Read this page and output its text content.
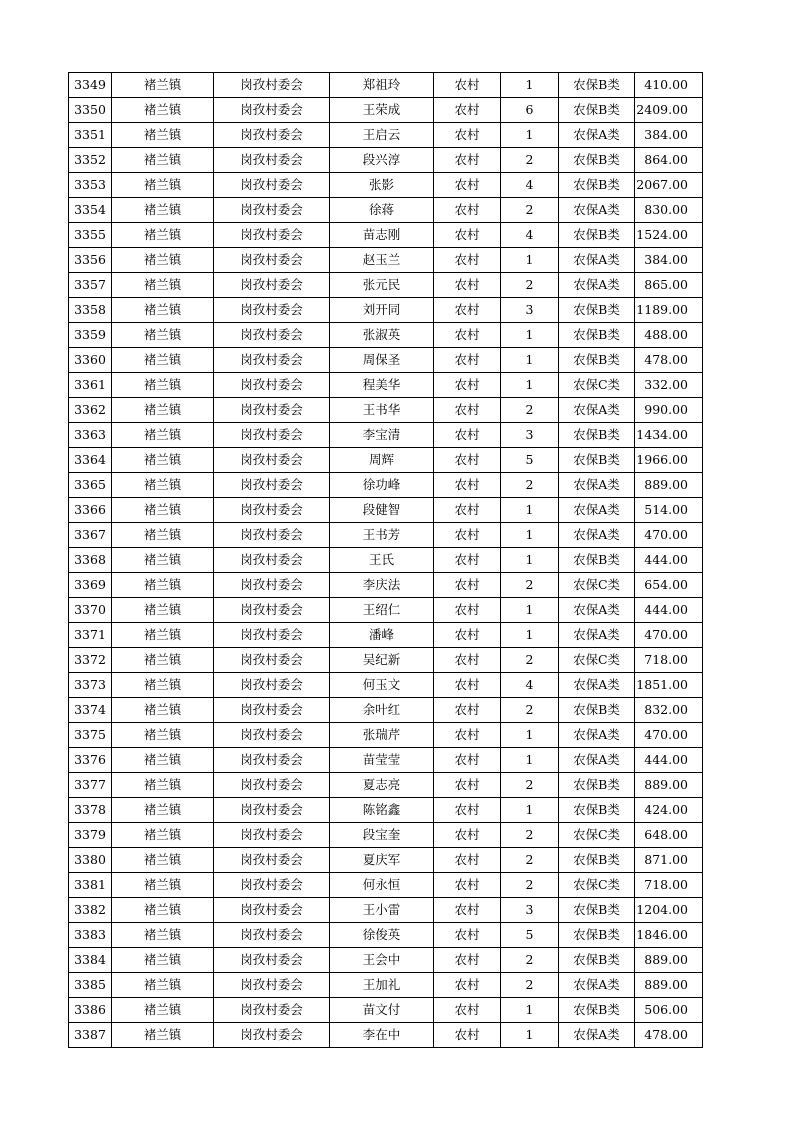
3349	褚兰镇	岗孜村委会	郑祖玲	农村	1	农保B类	410.00
3350	褚兰镇	岗孜村委会	王荣成	农村	6	农保B类	2409.00
3351	褚兰镇	岗孜村委会	王启云	农村	1	农保A类	384.00
3352	褚兰镇	岗孜村委会	段兴淳	农村	2	农保B类	864.00
3353	褚兰镇	岗孜村委会	张影	农村	4	农保B类	2067.00
3354	褚兰镇	岗孜村委会	徐蒋	农村	2	农保A类	830.00
3355	褚兰镇	岗孜村委会	苗志刚	农村	4	农保B类	1524.00
3356	褚兰镇	岗孜村委会	赵玉兰	农村	1	农保A类	384.00
3357	褚兰镇	岗孜村委会	张元民	农村	2	农保A类	865.00
3358	褚兰镇	岗孜村委会	刘开同	农村	3	农保B类	1189.00
3359	褚兰镇	岗孜村委会	张淑英	农村	1	农保B类	488.00
3360	褚兰镇	岗孜村委会	周保圣	农村	1	农保B类	478.00
3361	褚兰镇	岗孜村委会	程美华	农村	1	农保C类	332.00
3362	褚兰镇	岗孜村委会	王书华	农村	2	农保A类	990.00
3363	褚兰镇	岗孜村委会	李宝清	农村	3	农保B类	1434.00
3364	褚兰镇	岗孜村委会	周辉	农村	5	农保B类	1966.00
3365	褚兰镇	岗孜村委会	徐功峰	农村	2	农保A类	889.00
3366	褚兰镇	岗孜村委会	段健智	农村	1	农保A类	514.00
3367	褚兰镇	岗孜村委会	王书芳	农村	1	农保A类	470.00
3368	褚兰镇	岗孜村委会	王氏	农村	1	农保B类	444.00
3369	褚兰镇	岗孜村委会	李庆法	农村	2	农保C类	654.00
3370	褚兰镇	岗孜村委会	王绍仁	农村	1	农保A类	444.00
3371	褚兰镇	岗孜村委会	潘峰	农村	1	农保A类	470.00
3372	褚兰镇	岗孜村委会	吴纪新	农村	2	农保C类	718.00
3373	褚兰镇	岗孜村委会	何玉文	农村	4	农保A类	1851.00
3374	褚兰镇	岗孜村委会	余叶红	农村	2	农保B类	832.00
3375	褚兰镇	岗孜村委会	张瑞芹	农村	1	农保A类	470.00
3376	褚兰镇	岗孜村委会	苗莹莹	农村	1	农保A类	444.00
3377	褚兰镇	岗孜村委会	夏志亮	农村	2	农保B类	889.00
3378	褚兰镇	岗孜村委会	陈铭鑫	农村	1	农保B类	424.00
3379	褚兰镇	岗孜村委会	段宝奎	农村	2	农保C类	648.00
3380	褚兰镇	岗孜村委会	夏庆军	农村	2	农保B类	871.00
3381	褚兰镇	岗孜村委会	何永恒	农村	2	农保C类	718.00
3382	褚兰镇	岗孜村委会	王小雷	农村	3	农保B类	1204.00
3383	褚兰镇	岗孜村委会	徐俊英	农村	5	农保B类	1846.00
3384	褚兰镇	岗孜村委会	王会中	农村	2	农保B类	889.00
3385	褚兰镇	岗孜村委会	王加礼	农村	2	农保A类	889.00
3386	褚兰镇	岗孜村委会	苗文付	农村	1	农保B类	506.00
3387	褚兰镇	岗孜村委会	李在中	农村	1	农保A类	478.00
